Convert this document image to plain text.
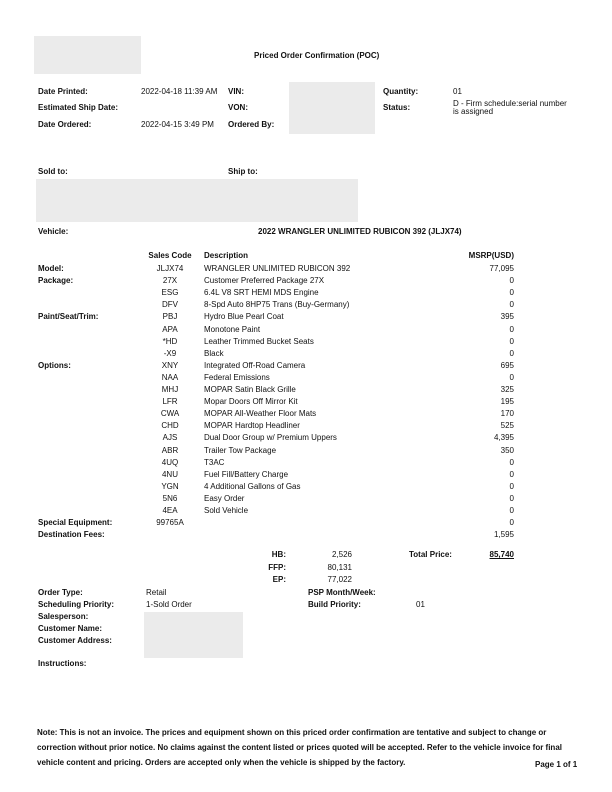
Priced Order Confirmation (POC)
Date Printed:	2022-04-18 11:39 AM
Estimated Ship Date:
Date Ordered:	2022-04-15 3:49 PM
VIN:
VON:
Ordered By:
Quantity:	01
Status:	D - Firm schedule:serial number
is assigned
Sold to:	Ship to:
Vehicle:	2022 WRANGLER UNLIMITED RUBICON 392 (JLJX74)
Sales Code	Description	MSRP(USD)
Model:	JLJX74	WRANGLER UNLIMITED RUBICON 392	77,095
Package:	27X	Customer Preferred Package 27X	0
ESG	6.4L V8 SRT HEMI MDS Engine	0
DFV	8-Spd Auto 8HP75 Trans (Buy-Germany)	0
Paint/Seat/Trim:	PBJ	Hydro Blue Pearl Coat	395
APA	Monotone Paint	0
*HD	Leather Trimmed Bucket Seats	0
-X9	Black	0
Options:	XNY	Integrated Off-Road Camera	695
NAA	Federal Emissions	0
MHJ	MOPAR Satin Black Grille	325
LFR	Mopar Doors Off Mirror Kit	195
CWA	MOPAR All-Weather Floor Mats	170
CHD	MOPAR Hardtop Headliner	525
AJS	Dual Door Group w/ Premium Uppers	4,395
ABR	Trailer Tow Package	350
4UQ	T3AC	0
4NU	Fuel Fill/Battery Charge	0
YGN	4 Additional Gallons of Gas	0
5N6	Easy Order	0
4EA	Sold Vehicle	0
Special Equipment:	99765A	0
Destination Fees:	1,595
HB:	2,526
FFP:	80,131
EP:	77,022
Total Price:	85,740
Order Type:	Retail
Scheduling Priority:	1-Sold Order
Salesperson:
Customer Name:
Customer Address:
PSP Month/Week:
Build Priority:	01
Instructions:
Note: This is not an invoice. The prices and equipment shown on this priced order confirmation are tentative and subject to change or correction without prior notice. No claims against the content listed or prices quoted will be accepted. Refer to the vehicle invoice for final vehicle content and pricing. Orders are accepted only when the vehicle is shipped by the factory.	Page 1 of 1
